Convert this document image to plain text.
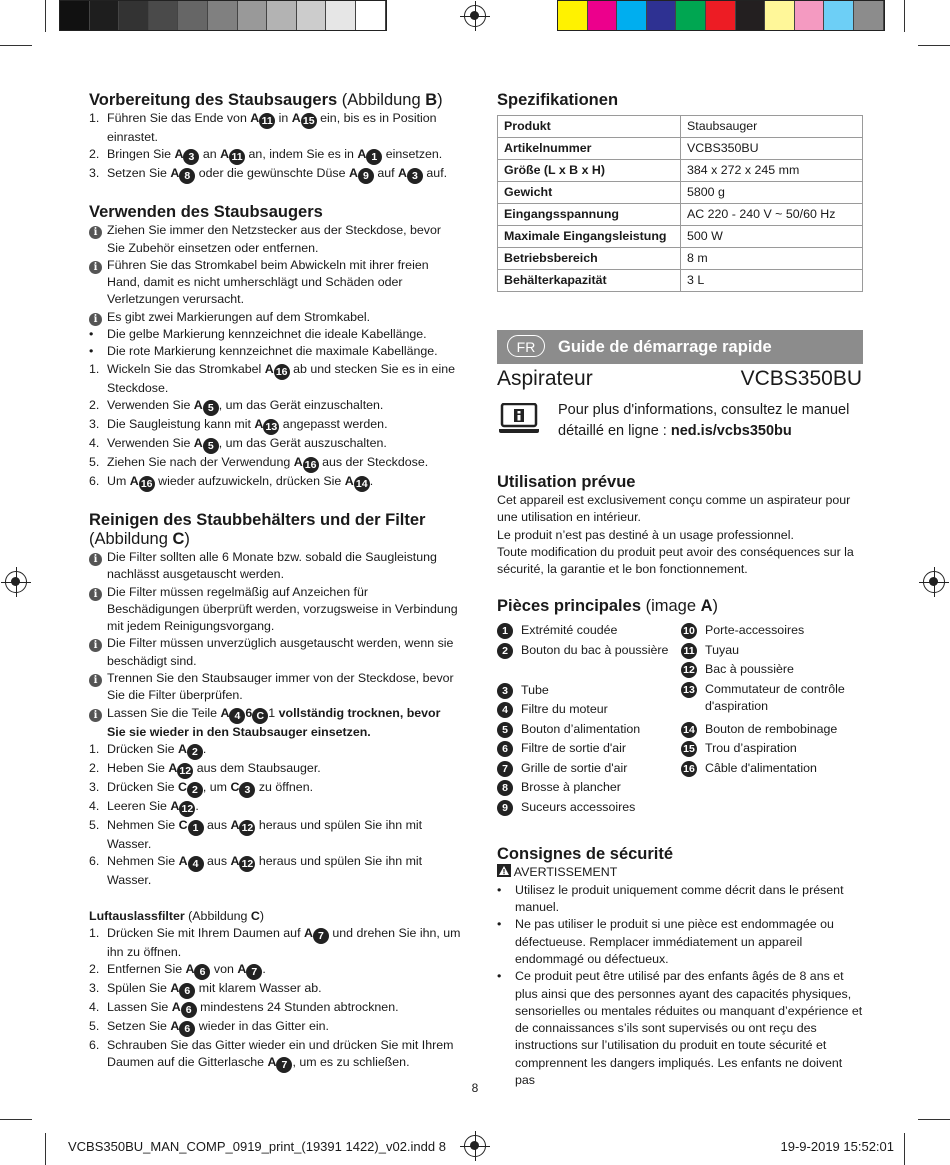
Vorbereitung des Staubsaugers (Abbildung B)
1. Führen Sie das Ende von A 11 in A 15 ein, bis es in Position einrastet.
2. Bringen Sie A 3 an A 11 an, indem Sie es in A 1 einsetzen.
3. Setzen Sie A 8 oder die gewünschte Düse A 9 auf A 3 auf.
Verwenden des Staubsaugers
i Ziehen Sie immer den Netzstecker aus der Steckdose, bevor Sie Zubehör einsetzen oder entfernen.
i Führen Sie das Stromkabel beim Abwickeln mit ihrer freien Hand, damit es nicht umherschlägt und Schäden oder Verletzungen verursacht.
i Es gibt zwei Markierungen auf dem Stromkabel.
•	Die gelbe Markierung kennzeichnet die ideale Kabellänge.
•	Die rote Markierung kennzeichnet die maximale Kabellänge.
1. Wickeln Sie das Stromkabel A 16 ab und stecken Sie es in eine Steckdose.
2. Verwenden Sie A 5 , um das Gerät einzuschalten.
3. Die Saugleistung kann mit A 13 angepasst werden.
4. Verwenden Sie A 5 , um das Gerät auszuschalten.
5. Ziehen Sie nach der Verwendung A 16 aus der Steckdose.
6. Um A 16 wieder aufzuwickeln, drücken Sie A 14 .
Reinigen des Staubbehälters und der Filter
(Abbildung C)
i Die Filter sollten alle 6 Monate bzw. sobald die Saugleistung nachlässt ausgetauscht werden.
i Die Filter müssen regelmäßig auf Anzeichen für Beschädigungen überprüft werden, vorzugsweise in Verbindung mit jedem Reinigungsvorgang.
i Die Filter müssen unverzüglich ausgetauscht werden, wenn sie beschädigt sind.
i Trennen Sie den Staubsauger immer von der Steckdose, bevor Sie die Filter überprüfen.
i Lassen Sie die Teile A 4 6 C 1 vollständig trocknen, bevor Sie sie wieder in den Staubsauger einsetzen.
1. Drücken Sie A 2 .
2. Heben Sie A 12 aus dem Staubsauger.
3. Drücken Sie C 2 , um C 3 zu öffnen.
4. Leeren Sie A 12 .
5. Nehmen Sie C 1 aus A 12 heraus und spülen Sie ihn mit Wasser.
6. Nehmen Sie A 4 aus A 12 heraus und spülen Sie ihn mit Wasser.
Luftauslassfilter (Abbildung C)
1. Drücken Sie mit Ihrem Daumen auf A 7 und drehen Sie ihn, um ihn zu öffnen.
2. Entfernen Sie A 6 von A 7 .
3. Spülen Sie A 6 mit klarem Wasser ab.
4. Lassen Sie A 6 mindestens 24 Stunden abtrocknen.
5. Setzen Sie A 6 wieder in das Gitter ein.
6. Schrauben Sie das Gitter wieder ein und drücken Sie mit Ihrem Daumen auf die Gitterlasche A 7 , um es zu schließen.
Spezifikationen
Produkt	Staubsauger
Artikelnummer	VCBS350BU
Größe (L x B x H)	384 x 272 x 245 mm
Gewicht	5800 g
Eingangsspannung	AC 220 - 240 V ~ 50/60 Hz
Maximale Eingangsleistung	500 W
Betriebsbereich	8 m
Behälterkapazität	3 L
FR	Guide de démarrage rapide
Aspirateur	VCBS350BU
Pour plus d'informations, consultez le manuel détaillé en ligne : ned.is/vcbs350bu
Utilisation prévue
Cet appareil est exclusivement conçu comme un aspirateur pour une utilisation en intérieur.
Le produit n’est pas destiné à un usage professionnel.
Toute modification du produit peut avoir des conséquences sur la sécurité, la garantie et le bon fonctionnement.
Pièces principales (image A)
1	Extrémité coudée
2	Bouton du bac à poussière
3	Tube
4	Filtre du moteur
5	Bouton d’alimentation
6	Filtre de sortie d'air
7	Grille de sortie d'air
8	Brosse à plancher
9	Suceurs accessoires
10 Porte-accessoires
11 Tuyau
12 Bac à poussière
13 Commutateur de contrôle d'aspiration
14 Bouton de rembobinage
15 Trou d’aspiration
16 Câble d'alimentation
Consignes de sécurité
AVERTISSEMENT
•	Utilisez le produit uniquement comme décrit dans le présent manuel.
•	Ne pas utiliser le produit si une pièce est endommagée ou défectueuse. Remplacer immédiatement un appareil endommagé ou défectueux.
•	Ce produit peut être utilisé par des enfants âgés de 8 ans et plus ainsi que des personnes ayant des capacités physiques, sensorielles ou mentales réduites ou manquant d’expérience et de connaissances s’ils sont supervisés ou ont reçu des instructions sur l’utilisation du produit en toute sécurité et comprennent les dangers impliqués. Les enfants ne doivent pas
8
VCBS350BU_MAN_COMP_0919_print_(19391 1422)_v02.indd 8	19-9-2019 15:52:01
